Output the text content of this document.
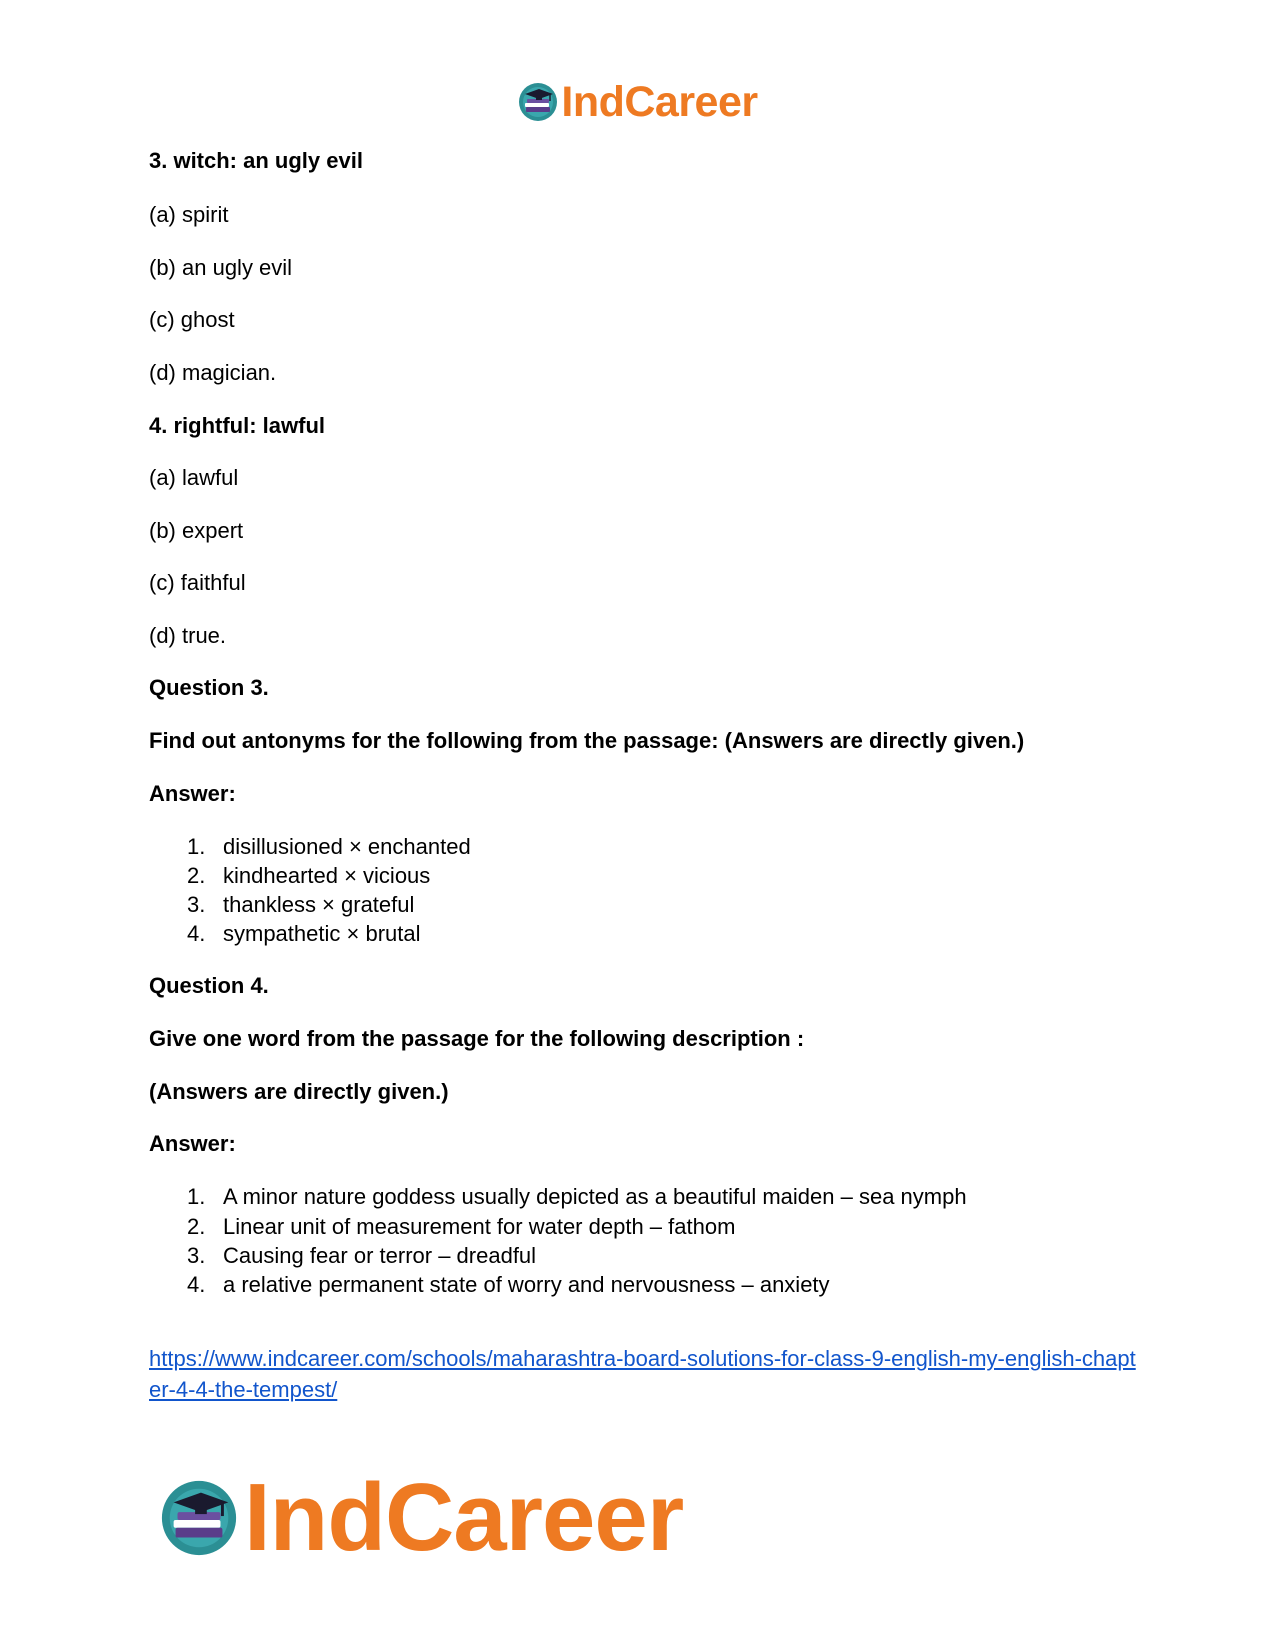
IndCareer
3. witch: an ugly evil
(a) spirit
(b) an ugly evil
(c) ghost
(d) magician.
4. rightful: lawful
(a) lawful
(b) expert
(c) faithful
(d) true.
Question 3.
Find out antonyms for the following from the passage: (Answers are directly given.)
Answer:
1. disillusioned × enchanted
2. kindhearted × vicious
3. thankless × grateful
4. sympathetic × brutal
Question 4.
Give one word from the passage for the following description :
(Answers are directly given.)
Answer:
1. A minor nature goddess usually depicted as a beautiful maiden – sea nymph
2. Linear unit of measurement for water depth – fathom
3. Causing fear or terror – dreadful
4. a relative permanent state of worry and nervousness – anxiety
https://www.indcareer.com/schools/maharashtra-board-solutions-for-class-9-english-my-english-chapter-4-4-the-tempest/
IndCareer
